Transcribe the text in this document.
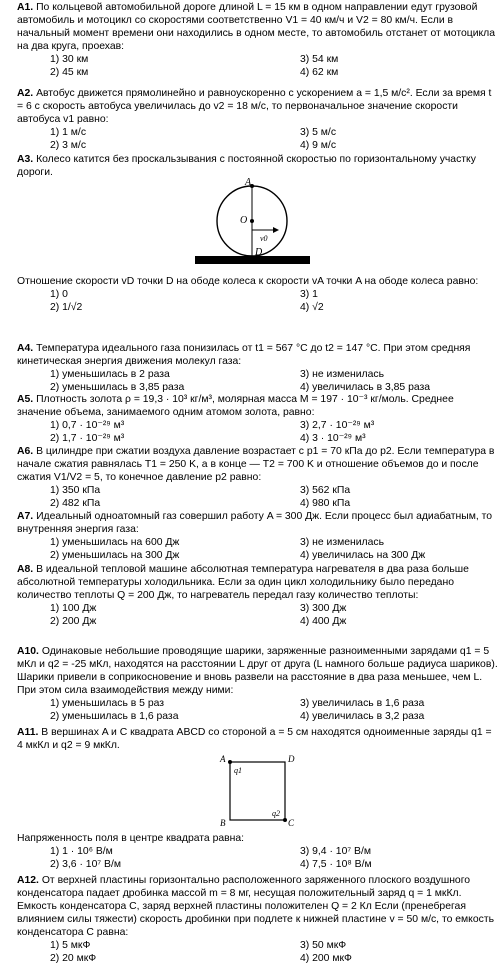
А1. По кольцевой автомобильной дороге длиной L = 15 км в одном направлении едут грузовой автомобиль и мотоцикл со скоростями соответственно V1 = 40 км/ч и V2 = 80 км/ч. Если в начальный момент времени они находились в одном месте, то автомобиль отстанет от мотоцикла на два круга, проехав:
1) 30 км	3) 54 км
2) 45 км	4) 62 км
А2. Автобус движется прямолинейно и равноускоренно с ускорением a = 1,5 м/с². Если за время t = 6 с скорость автобуса увеличилась до v2 = 18 м/с, то первоначальное значение скорости автобуса v1 равно:
1) 1 м/с	3) 5 м/с
2) 3 м/с	4) 9 м/с
А3. Колесо катится без проскальзывания с постоянной скоростью по горизонтальному участку дороги.
A
O
D
v0
Отношение скорости vD точки D на ободе колеса к скорости vA точки A на ободе колеса равно:
1) 0	3) 1
2) 1/√2	4) √2
А4. Температура идеального газа понизилась от t1 = 567 °C до t2 = 147 °C. При этом средняя кинетическая энергия движения молекул газа:
1) уменьшилась в 2 раза	3) не изменилась
2) уменьшилась в 3,85 раза	4) увеличилась в 3,85 раза
А5. Плотность золота ρ = 19,3 · 10³ кг/м³, молярная масса M = 197 · 10⁻³ кг/моль. Среднее значение объема, занимаемого одним атомом золота, равно:
1) 0,7 · 10⁻²⁹ м³	3) 2,7 · 10⁻²⁹ м³
2) 1,7 · 10⁻²⁹ м³	4) 3 · 10⁻²⁹ м³
А6. В цилиндре при сжатии воздуха давление возрастает с p1 = 70 кПа до p2. Если температура в начале сжатия равнялась T1 = 250 K, а в конце — T2 = 700 K и отношение объемов до и после сжатия V1/V2 = 5, то конечное давление p2 равно:
1) 350 кПа	3) 562 кПа
2) 482 кПа	4) 980 кПа
А7. Идеальный одноатомный газ совершил работу A = 300 Дж. Если процесс был адиабатным, то внутренняя энергия газа:
1) уменьшилась на 600 Дж	3) не изменилась
2) уменьшилась на 300 Дж	4) увеличилась на 300 Дж
А8. В идеальной тепловой машине абсолютная температура нагревателя в два раза больше абсолютной температуры холодильника. Если за один цикл холодильнику было передано количество теплоты Q = 200 Дж, то нагреватель передал газу количество теплоты:
1) 100 Дж	3) 300 Дж
2) 200 Дж	4) 400 Дж
А10. Одинаковые небольшие проводящие шарики, заряженные разноименными зарядами q1 = 5 мКл и q2 = -25 мКл, находятся на расстоянии L друг от друга (L намного больше радиуса шариков). Шарики привели в соприкосновение и вновь развели на расстояние в два раза меньшее, чем L. При этом сила взаимодействия между ними:
1) уменьшилась в 5 раз	3) увеличилась в 1,6 раза
2) уменьшилась в 1,6 раза	4) увеличилась в 3,2 раза
А11. В вершинах A и C квадрата ABCD со стороной a = 5 см находятся одноименные заряды q1 = 4 мкКл и q2 = 9 мкКл.
A	D
B	C
q1
q2
Напряженность поля в центре квадрата равна:
1) 1 · 10⁶ В/м	3) 9,4 · 10⁷ В/м
2) 3,6 · 10⁷ В/м	4) 7,5 · 10⁸ В/м
А12. От верхней пластины горизонтально расположенного заряженного плоского воздушного конденсатора падает дробинка массой m = 8 мг, несущая положительный заряд q = 1 мкКл. Емкость конденсатора C, заряд верхней пластины положителен Q = 2 Кл Если (пренебрегая влиянием силы тяжести) скорость дробинки при подлете к нижней пластине v = 50 м/с, то емкость конденсатора C равна:
1) 5 мкФ	3) 50 мкФ
2) 20 мкФ	4) 200 мкФ
